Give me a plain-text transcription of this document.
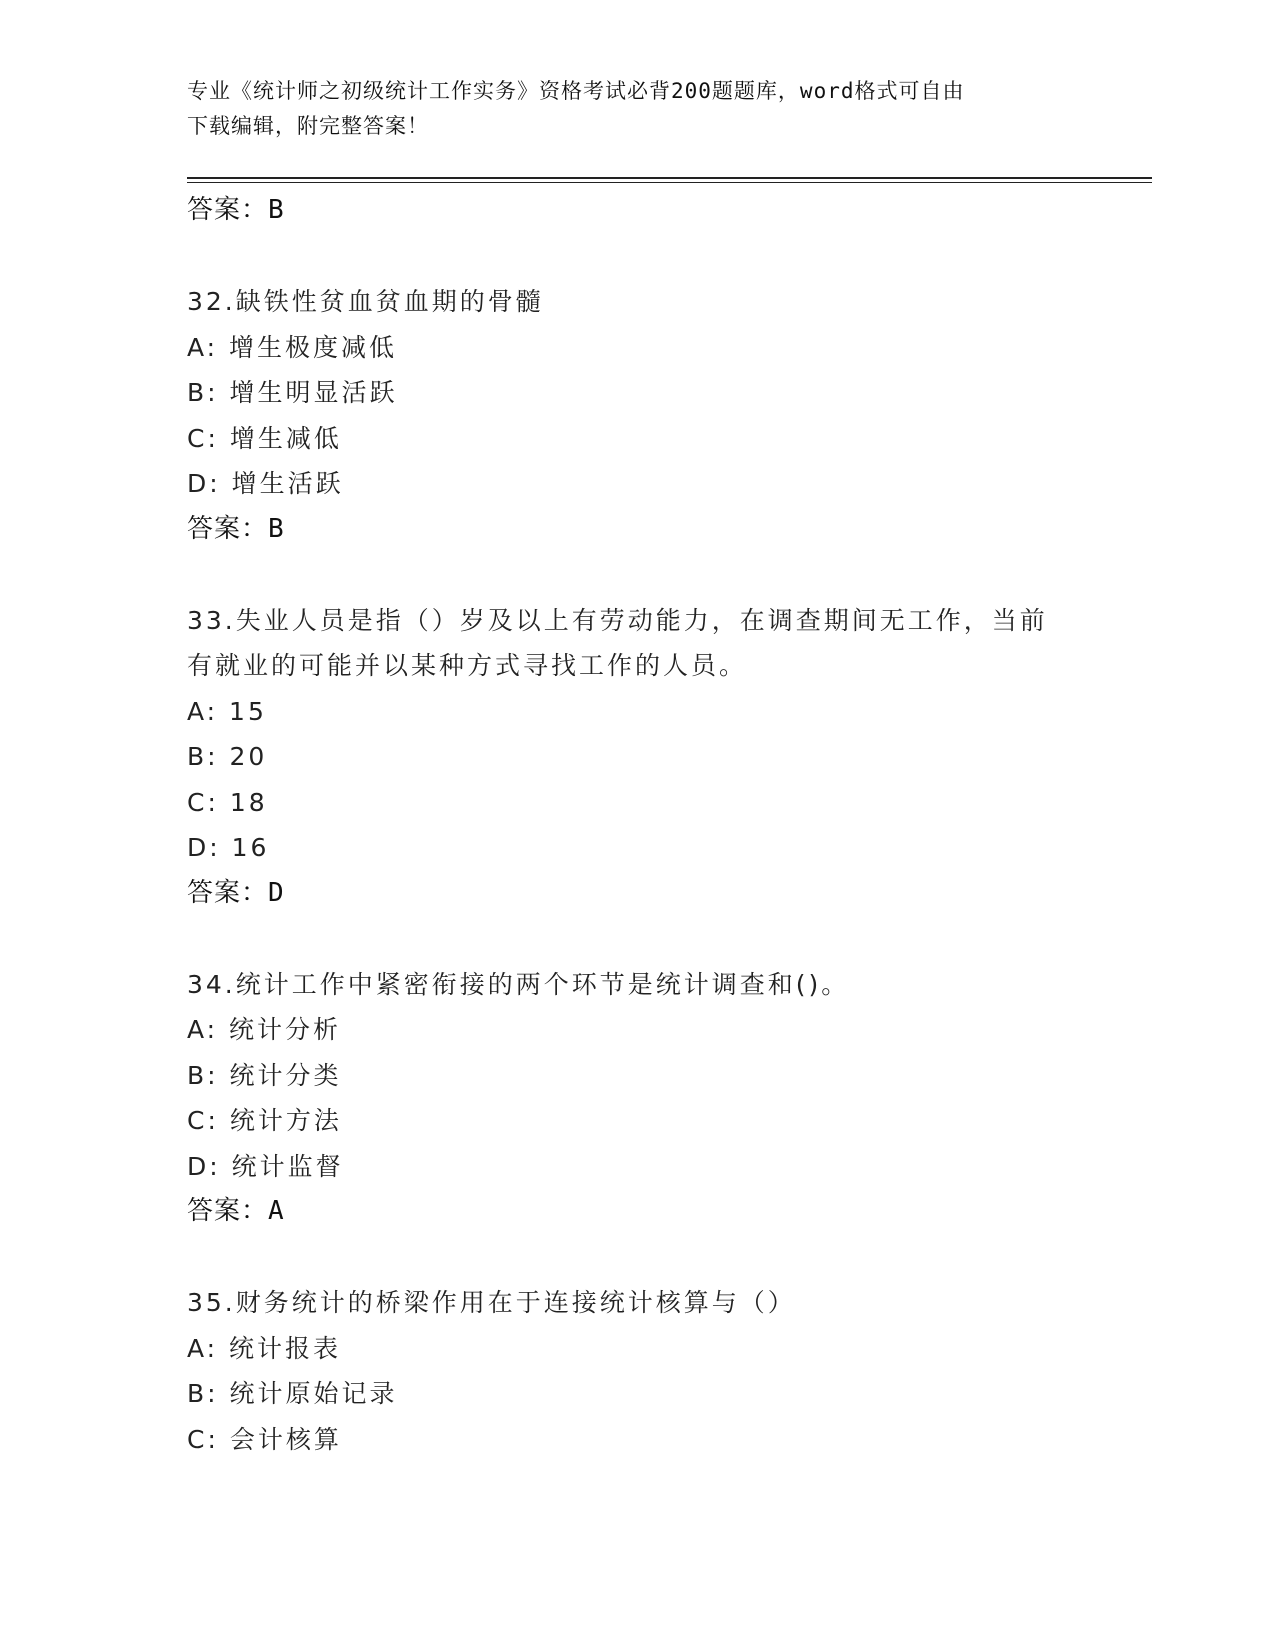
专业《统计师之初级统计工作实务》资格考试必背200题题库，word格式可自由
下载编辑，附完整答案！
答案：B
32.缺铁性贫血贫血期的骨髓
A: 增生极度减低
B: 增生明显活跃
C: 增生减低
D: 增生活跃
答案：B
33.失业人员是指（）岁及以上有劳动能力，在调查期间无工作，当前
有就业的可能并以某种方式寻找工作的人员。
A: 15
B: 20
C: 18
D: 16
答案：D
34.统计工作中紧密衔接的两个环节是统计调查和()。
A: 统计分析
B: 统计分类
C: 统计方法
D: 统计监督
答案：A
35.财务统计的桥梁作用在于连接统计核算与（）
A: 统计报表
B: 统计原始记录
C: 会计核算
